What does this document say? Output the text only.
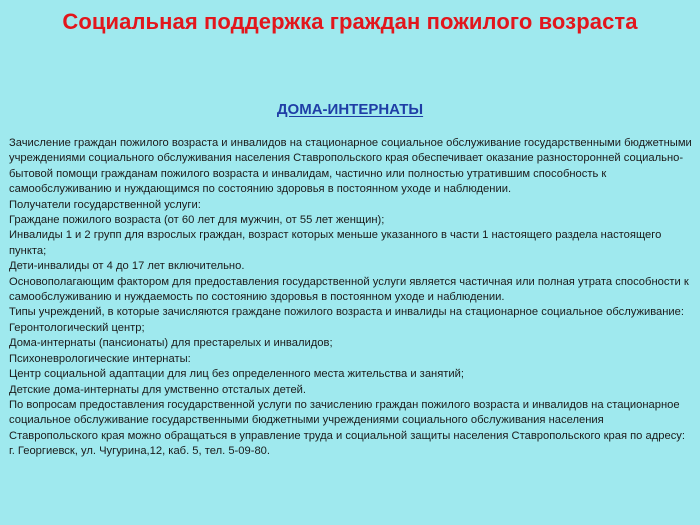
Социальная поддержка граждан пожилого возраста
ДОМА-ИНТЕРНАТЫ

Зачисление граждан пожилого возраста и инвалидов на стационарное социальное обслуживание государственными бюджетными учреждениями социального обслуживания населения Ставропольского края обеспечивает оказание разносторонней социально-бытовой помощи гражданам пожилого возраста и инвалидам, частично или полностью утратившим способность к самообслуживанию и нуждающимся по состоянию здоровья в постоянном уходе и наблюдении.

Получатели государственной услуги:

Граждане пожилого возраста (от 60 лет для мужчин, от 55 лет женщин);

Инвалиды 1 и 2 групп для взрослых граждан, возраст которых меньше указанного в части 1 настоящего раздела настоящего пункта;

Дети-инвалиды от 4 до 17 лет включительно.

Основополагающим фактором для предоставления государственной услуги является частичная или полная утрата способности к самообслуживанию и нуждаемость по состоянию здоровья в постоянном уходе и наблюдении.

Типы учреждений, в которые зачисляются граждане пожилого возраста и инвалиды на стационарное социальное обслуживание:

Геронтологический центр;

Дома-интернаты (пансионаты) для престарелых и инвалидов;

Психоневрологические интернаты:

Центр социальной адаптации для лиц без определенного места жительства и занятий;

Детские дома-интернаты для умственно отсталых детей.

По вопросам предоставления государственной услуги по зачислению граждан пожилого возраста и инвалидов на стационарное социальное обслуживание государственными бюджетными учреждениями социального обслуживания населения Ставропольского края можно обращаться в управление труда и социальной защиты населения Ставропольского края по адресу: г. Георгиевск, ул. Чугурина,12, каб. 5, тел. 5-09-80.
